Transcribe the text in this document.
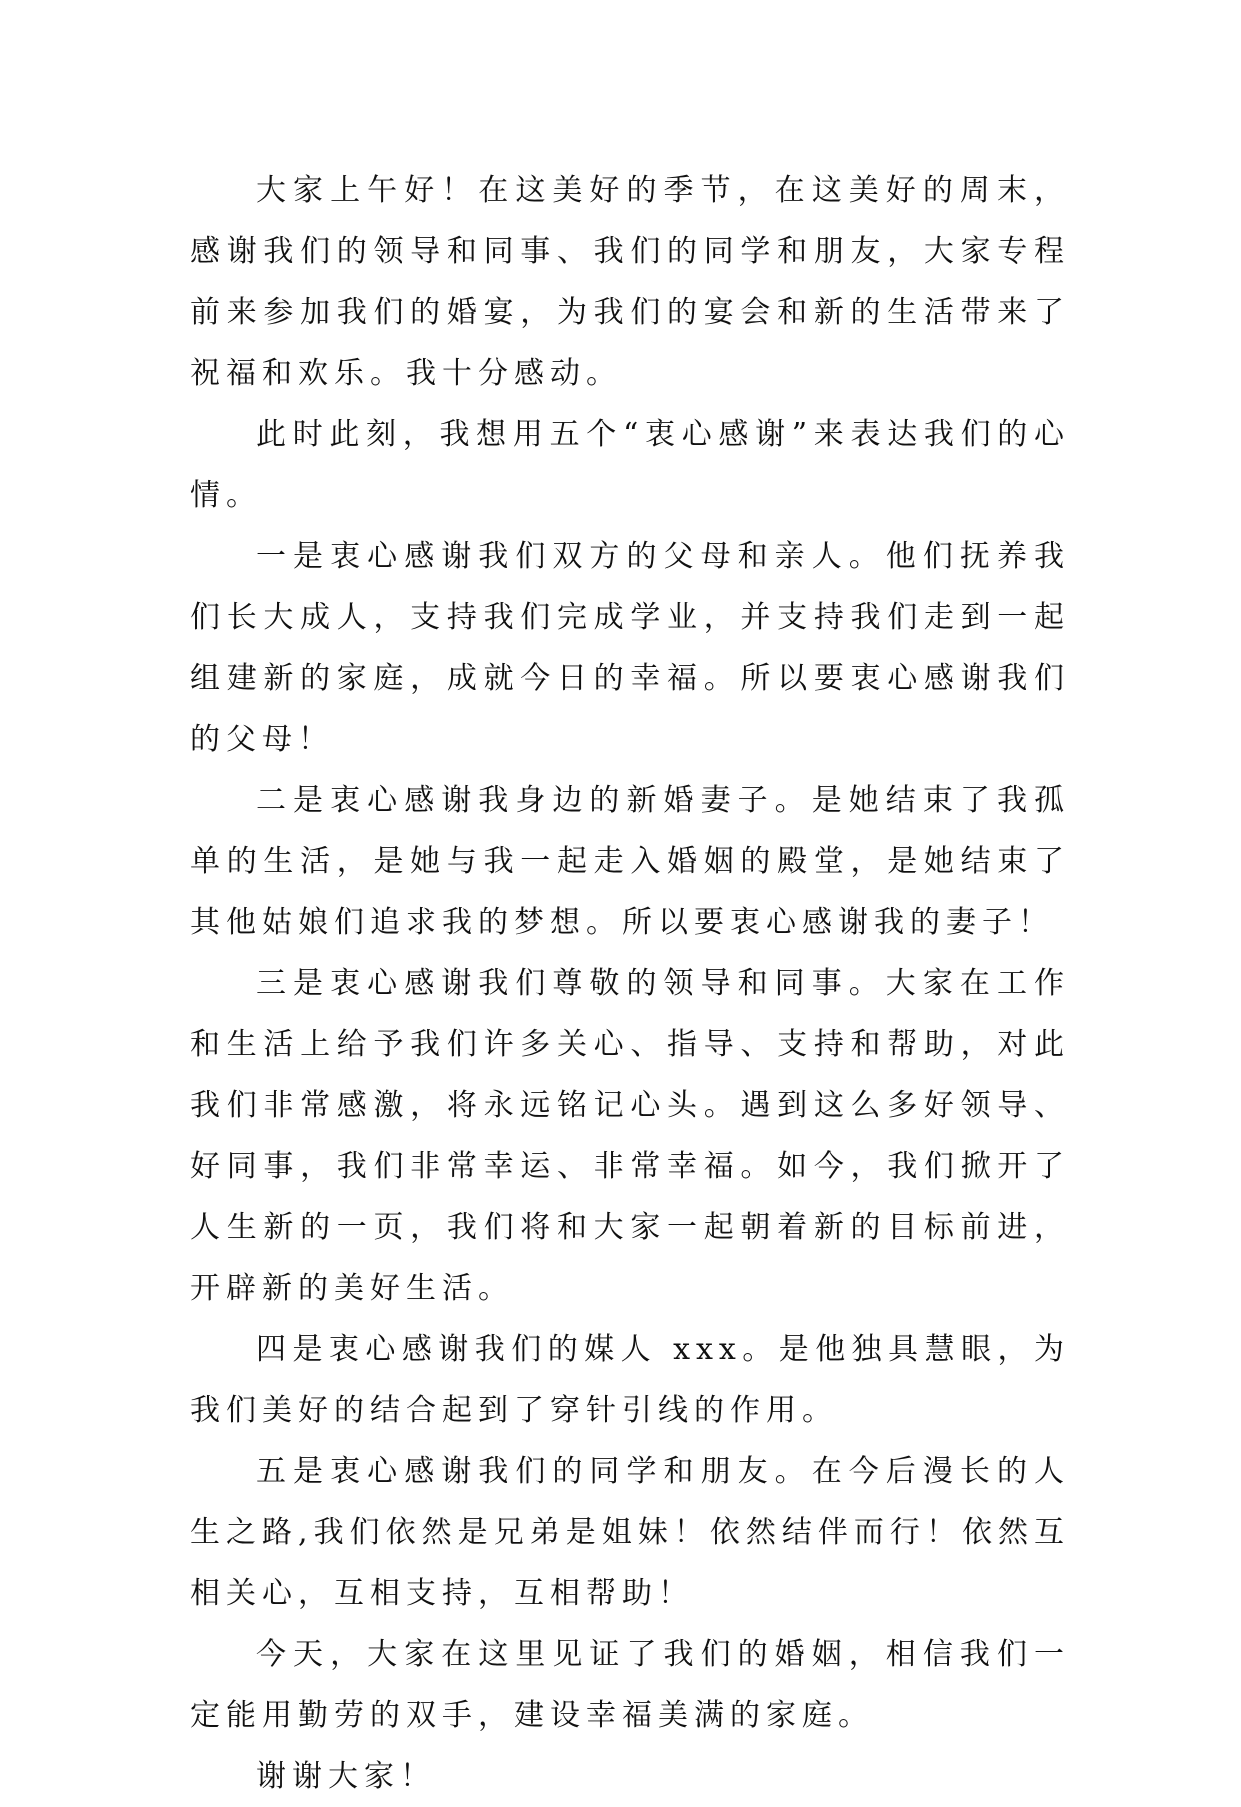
大家上午好！在这美好的季节，在这美好的周末，感谢我们的领导和同事、我们的同学和朋友，大家专程前来参加我们的婚宴，为我们的宴会和新的生活带来了祝福和欢乐。我十分感动。

此时此刻，我想用五个“衷心感谢”来表达我们的心情。

一是衷心感谢我们双方的父母和亲人。他们抚养我们长大成人，支持我们完成学业，并支持我们走到一起组建新的家庭，成就今日的幸福。所以要衷心感谢我们的父母！

二是衷心感谢我身边的新婚妻子。是她结束了我孤单的生活，是她与我一起走入婚姻的殿堂，是她结束了其他姑娘们追求我的梦想。所以要衷心感谢我的妻子！

三是衷心感谢我们尊敬的领导和同事。大家在工作和生活上给予我们许多关心、指导、支持和帮助，对此我们非常感激，将永远铭记心头。遇到这么多好领导、好同事，我们非常幸运、非常幸福。如今，我们掀开了人生新的一页，我们将和大家一起朝着新的目标前进，开辟新的美好生活。

四是衷心感谢我们的媒人 xxx。是他独具慧眼，为我们美好的结合起到了穿针引线的作用。

五是衷心感谢我们的同学和朋友。在今后漫长的人生之路,我们依然是兄弟是姐妹！依然结伴而行！依然互相关心，互相支持，互相帮助！

今天，大家在这里见证了我们的婚姻，相信我们一定能用勤劳的双手，建设幸福美满的家庭。

谢谢大家！
